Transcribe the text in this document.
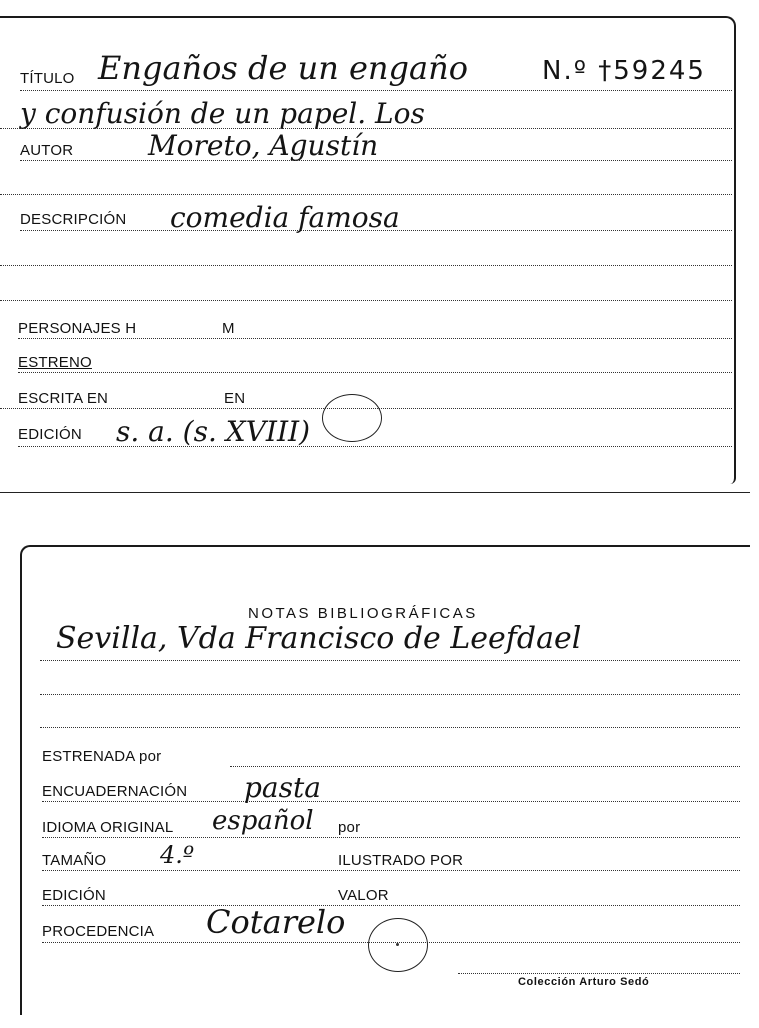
TÍTULO Engaños de un engaño	N.º †59245
y confusión de un papel. Los
AUTOR	Moreto, Agustín
DESCRIPCIÓN comedia famosa
PERSONAJES H	M
ESTRENO
ESCRITA EN	EN
EDICIÓN s. a. (s. XVIII)
NOTAS BIBLIOGRÁFICAS
Sevilla, Vda Francisco de Leefdael
ESTRENADA por
ENCUADERNACIÓN pasta
IDIOMA ORIGINAL español por
TAMAÑO 4.º	ILUSTRADO POR
EDICIÓN	VALOR
PROCEDENCIA Cotarelo
Colección Arturo Sedó
